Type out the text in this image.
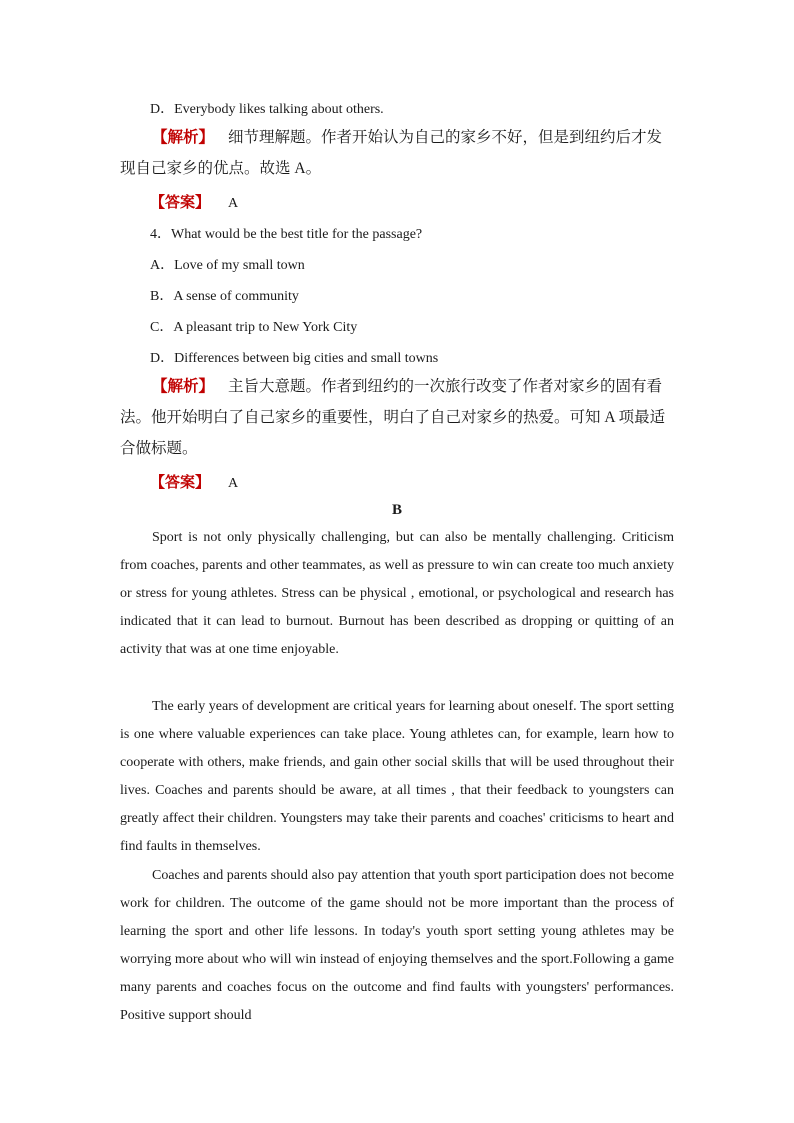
D．Everybody likes talking about others.
【解析】 细节理解题。作者开始认为自己的家乡不好，但是到纽约后才发现自己家乡的优点。故选 A。
【答案】 A
4．What would be the best title for the passage?
A．Love of my small town
B．A sense of community
C．A pleasant trip to New York City
D．Differences between big cities and small towns
【解析】 主旨大意题。作者到纽约的一次旅行改变了作者对家乡的固有看法。他开始明白了自己家乡的重要性，明白了自己对家乡的热爱。可知 A 项最适合做标题。
【答案】 A
B

Sport is not only physically challenging, but can also be mentally challenging. Criticism from coaches, parents and other teammates, as well as pressure to win can create too much anxiety or stress for young athletes. Stress can be physical , emotional, or psychological and research has indicated that it can lead to burnout. Burnout has been described as dropping or quitting of an activity that was at one time enjoyable.

The early years of development are critical years for learning about oneself. The sport setting is one where valuable experiences can take place. Young athletes can, for example, learn how to cooperate with others, make friends, and gain other social skills that will be used throughout their lives. Coaches and parents should be aware, at all times , that their feedback to youngsters can greatly affect their children. Youngsters may take their parents and coaches' criticisms to heart and find faults in themselves.

Coaches and parents should also pay attention that youth sport participation does not become work for children. The outcome of the game should not be more important than the process of learning the sport and other life lessons. In today's youth sport setting young athletes may be worrying more about who will win instead of enjoying themselves and the sport.Following a game many parents and coaches focus on the outcome and find faults with youngsters' performances. Positive support should
